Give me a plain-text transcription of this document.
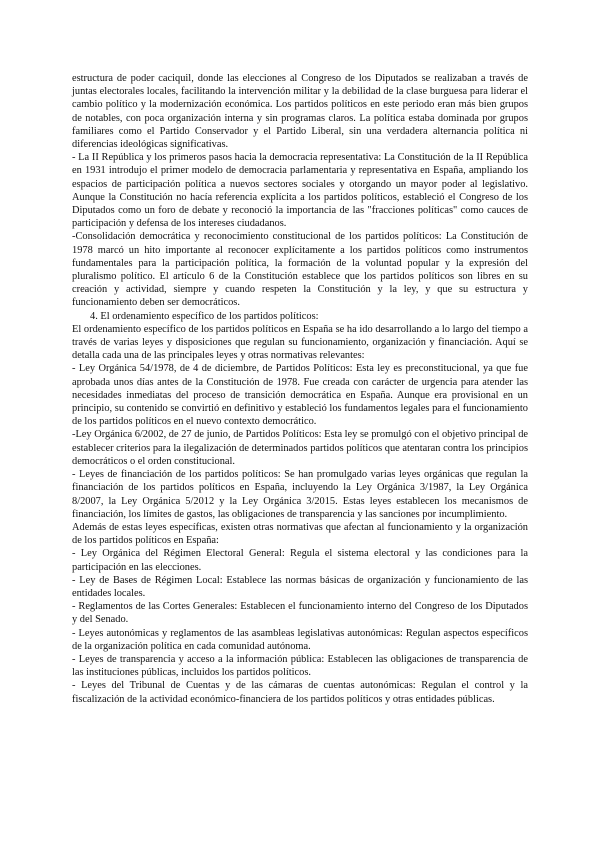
estructura de poder caciquil, donde las elecciones al Congreso de los Diputados se realizaban a través de juntas electorales locales, facilitando la intervención militar y la debilidad de la clase burguesa para liderar el cambio político y la modernización económica. Los partidos políticos en este periodo eran más bien grupos de notables, con poca organización interna y sin programas claros. La política estaba dominada por grupos familiares como el Partido Conservador y el Partido Liberal, sin una verdadera alternancia política ni diferencias ideológicas significativas.

- La II República y los primeros pasos hacia la democracia representativa: La Constitución de la II República en 1931 introdujo el primer modelo de democracia parlamentaria y representativa en España, ampliando los espacios de participación política a nuevos sectores sociales y otorgando un mayor poder al legislativo. Aunque la Constitución no hacía referencia explícita a los partidos políticos, estableció el Congreso de los Diputados como un foro de debate y reconoció la importancia de las "fracciones políticas" como cauces de participación y defensa de los intereses ciudadanos.

-Consolidación democrática y reconocimiento constitucional de los partidos políticos: La Constitución de 1978 marcó un hito importante al reconocer explícitamente a los partidos políticos como instrumentos fundamentales para la participación política, la formación de la voluntad popular y la expresión del pluralismo político. El artículo 6 de la Constitución establece que los partidos políticos son libres en su creación y actividad, siempre y cuando respeten la Constitución y la ley, y que su estructura y funcionamiento deben ser democráticos.

4. El ordenamiento específico de los partidos políticos:

El ordenamiento específico de los partidos políticos en España se ha ido desarrollando a lo largo del tiempo a través de varias leyes y disposiciones que regulan su funcionamiento, organización y financiación. Aquí se detalla cada una de las principales leyes y otras normativas relevantes:

- Ley Orgánica 54/1978, de 4 de diciembre, de Partidos Políticos: Esta ley es preconstitucional, ya que fue aprobada unos días antes de la Constitución de 1978. Fue creada con carácter de urgencia para atender las necesidades inmediatas del proceso de transición democrática en España. Aunque era provisional en un principio, su contenido se convirtió en definitivo y estableció los fundamentos legales para el funcionamiento de los partidos políticos en el nuevo contexto democrático.

-Ley Orgánica 6/2002, de 27 de junio, de Partidos Políticos: Esta ley se promulgó con el objetivo principal de establecer criterios para la ilegalización de determinados partidos políticos que atentaran contra los principios democráticos o el orden constitucional.

- Leyes de financiación de los partidos políticos: Se han promulgado varias leyes orgánicas que regulan la financiación de los partidos políticos en España, incluyendo la Ley Orgánica 3/1987, la Ley Orgánica 8/2007, la Ley Orgánica 5/2012 y la Ley Orgánica 3/2015. Estas leyes establecen los mecanismos de financiación, los límites de gastos, las obligaciones de transparencia y las sanciones por incumplimiento.

Además de estas leyes específicas, existen otras normativas que afectan al funcionamiento y la organización de los partidos políticos en España:

- Ley Orgánica del Régimen Electoral General: Regula el sistema electoral y las condiciones para la participación en las elecciones.

- Ley de Bases de Régimen Local: Establece las normas básicas de organización y funcionamiento de las entidades locales.

- Reglamentos de las Cortes Generales: Establecen el funcionamiento interno del Congreso de los Diputados y del Senado.

- Leyes autonómicas y reglamentos de las asambleas legislativas autonómicas: Regulan aspectos específicos de la organización política en cada comunidad autónoma.

- Leyes de transparencia y acceso a la información pública: Establecen las obligaciones de transparencia de las instituciones públicas, incluidos los partidos políticos.

- Leyes del Tribunal de Cuentas y de las cámaras de cuentas autonómicas: Regulan el control y la fiscalización de la actividad económico-financiera de los partidos políticos y otras entidades públicas.
